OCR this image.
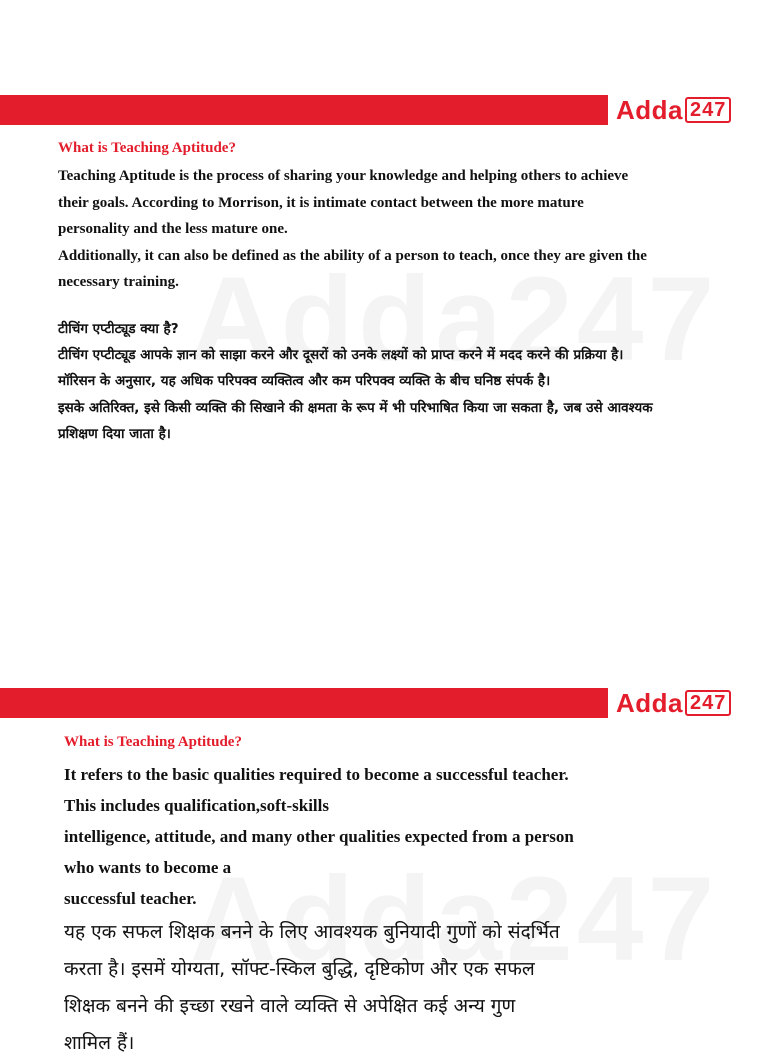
Adda 247

What is Teaching Aptitude?

Teaching Aptitude is the process of sharing your knowledge and helping others to achieve their goals. According to Morrison, it is intimate contact between the more mature personality and the less mature one.

Additionally, it can also be defined as the ability of a person to teach, once they are given the necessary training.

टीचिंग एप्टीट्यूड क्या है?

टीचिंग एप्टीट्यूड आपके ज्ञान को साझा करने और दूसरों को उनके लक्ष्यों को प्राप्त करने में मदद करने की प्रक्रिया है। मॉरिसन के अनुसार, यह अधिक परिपक्व व्यक्तित्व और कम परिपक्व व्यक्ति के बीच घनिष्ठ संपर्क है।

इसके अतिरिक्त, इसे किसी व्यक्ति की सिखाने की क्षमता के रूप में भी परिभाषित किया जा सकता है, जब उसे आवश्यक प्रशिक्षण दिया जाता है।

Adda 247

What is Teaching Aptitude?

It refers to the basic qualities required to become a successful teacher.

This includes qualification,soft-skills

intelligence, attitude, and many other qualities expected from a person

who wants to become a

successful teacher.

यह एक सफल शिक्षक बनने के लिए आवश्यक बुनियादी गुणों को संदर्भित

करता है। इसमें योग्यता, सॉफ्ट-स्किल बुद्धि, दृष्टिकोण और एक सफल

शिक्षक बनने की इच्छा रखने वाले व्यक्ति से अपेक्षित कई अन्य गुण

शामिल हैं।
